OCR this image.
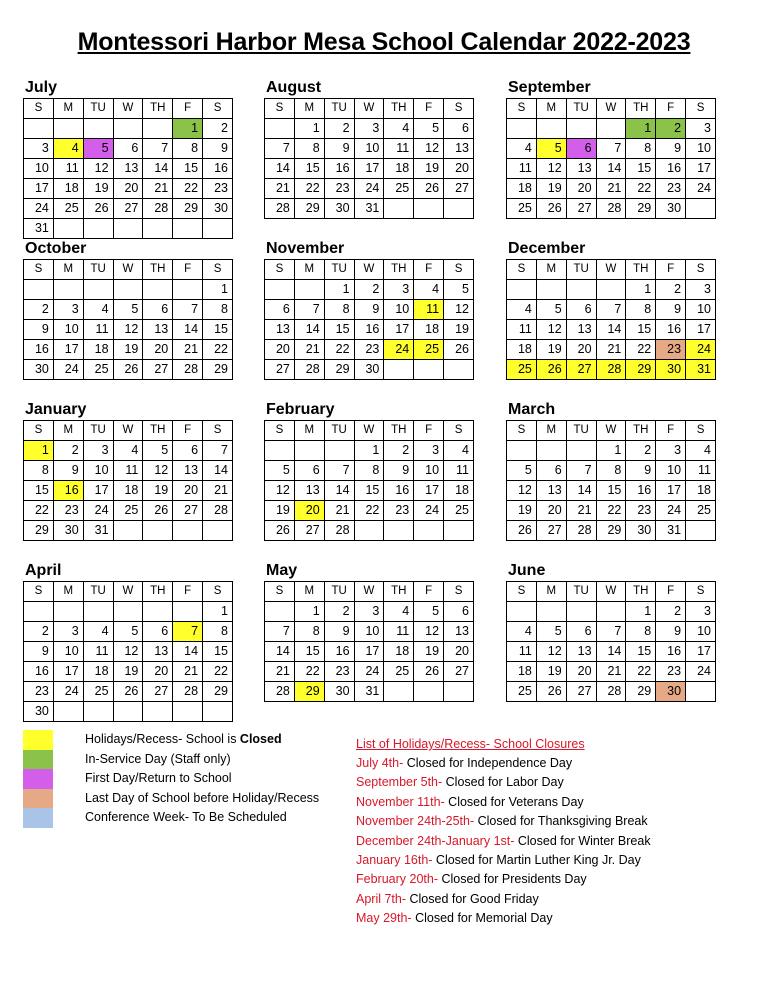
Montessori Harbor Mesa School Calendar 2022-2023
July
S	M	TU	W	TH	F	S
					1	2
3	4	5	6	7	8	9
10	11	12	13	14	15	16
17	18	19	20	21	22	23
24	25	26	27	28	29	30
31						
August
S	M	TU	W	TH	F	S
	1	2	3	4	5	6
7	8	9	10	11	12	13
14	15	16	17	18	19	20
21	22	23	24	25	26	27
28	29	30	31			
September
S	M	TU	W	TH	F	S
				1	2	3
4	5	6	7	8	9	10
11	12	13	14	15	16	17
18	19	20	21	22	23	24
25	26	27	28	29	30	
October
S	M	TU	W	TH	F	S
						1
2	3	4	5	6	7	8
9	10	11	12	13	14	15
16	17	18	19	20	21	22
30	24	25	26	27	28	29
November
S	M	TU	W	TH	F	S
		1	2	3	4	5
6	7	8	9	10	11	12
13	14	15	16	17	18	19
20	21	22	23	24	25	26
27	28	29	30			
December
S	M	TU	W	TH	F	S
				1	2	3
4	5	6	7	8	9	10
11	12	13	14	15	16	17
18	19	20	21	22	23	24
25	26	27	28	29	30	31
January
S	M	TU	W	TH	F	S
1	2	3	4	5	6	7
8	9	10	11	12	13	14
15	16	17	18	19	20	21
22	23	24	25	26	27	28
29	30	31				
February
S	M	TU	W	TH	F	S
			1	2	3	4
5	6	7	8	9	10	11
12	13	14	15	16	17	18
19	20	21	22	23	24	25
26	27	28				
March
S	M	TU	W	TH	F	S
			1	2	3	4
5	6	7	8	9	10	11
12	13	14	15	16	17	18
19	20	21	22	23	24	25
26	27	28	29	30	31	
April
S	M	TU	W	TH	F	S
						1
2	3	4	5	6	7	8
9	10	11	12	13	14	15
16	17	18	19	20	21	22
23	24	25	26	27	28	29
30						
May
S	M	TU	W	TH	F	S
	1	2	3	4	5	6
7	8	9	10	11	12	13
14	15	16	17	18	19	20
21	22	23	24	25	26	27
28	29	30	31			
June
S	M	TU	W	TH	F	S
				1	2	3
4	5	6	7	8	9	10
11	12	13	14	15	16	17
18	19	20	21	22	23	24
25	26	27	28	29	30	
Holidays/Recess- School is Closed
In-Service Day (Staff only)
First Day/Return to School
Last Day of School before Holiday/Recess
Conference Week- To Be Scheduled
List of Holidays/Recess- School Closures
July 4th- Closed for Independence Day
September 5th- Closed for Labor Day
November 11th- Closed for Veterans Day
November 24th-25th- Closed for Thanksgiving Break
December 24th-January 1st- Closed for Winter Break
January 16th- Closed for Martin Luther King Jr. Day
February 20th- Closed for Presidents Day
April 7th- Closed for Good Friday
May 29th- Closed for Memorial Day
